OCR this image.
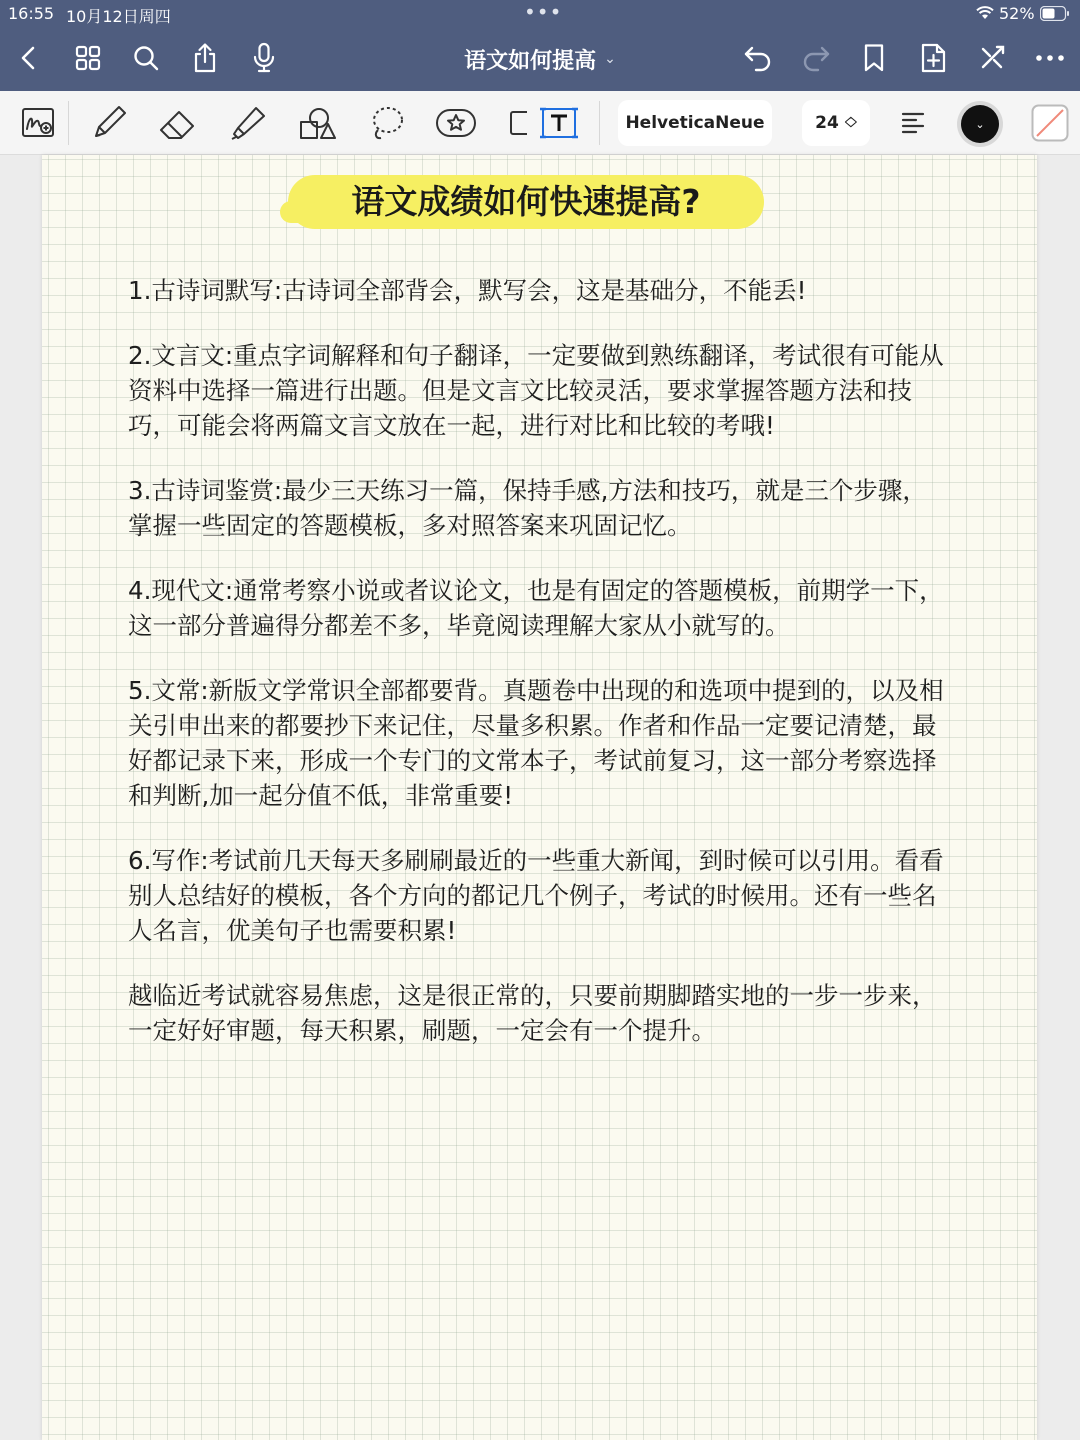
16:55 10月12日周四	•••	52%
语文如何提高 ⌄
HelveticaNeue	24 ︿
﹀	⌄
语文成绩如何快速提高?

1.古诗词默写:古诗词全部背会，默写会，这是基础分，不能丢!

2.文言文:重点字词解释和句子翻译，一定要做到熟练翻译，考试很有可能从资料中选择一篇进行出题。但是文言文比较灵活，要求掌握答题方法和技巧，可能会将两篇文言文放在一起，进行对比和比较的考哦!

3.古诗词鉴赏:最少三天练习一篇，保持手感,方法和技巧，就是三个步骤，掌握一些固定的答题模板，多对照答案来巩固记忆。

4.现代文:通常考察小说或者议论文，也是有固定的答题模板，前期学一下，这一部分普遍得分都差不多，毕竟阅读理解大家从小就写的。

5.文常:新版文学常识全部都要背。真题卷中出现的和选项中提到的，以及相关引申出来的都要抄下来记住，尽量多积累。作者和作品一定要记清楚，最好都记录下来，形成一个专门的文常本子，考试前复习，这一部分考察选择和判断,加一起分值不低，非常重要!

6.写作:考试前几天每天多刷刷最近的一些重大新闻，到时候可以引用。看看别人总结好的模板，各个方向的都记几个例子，考试的时候用。还有一些名人名言，优美句子也需要积累!

越临近考试就容易焦虑，这是很正常的，只要前期脚踏实地的一步一步来，一定好好审题，每天积累，刷题，一定会有一个提升。
